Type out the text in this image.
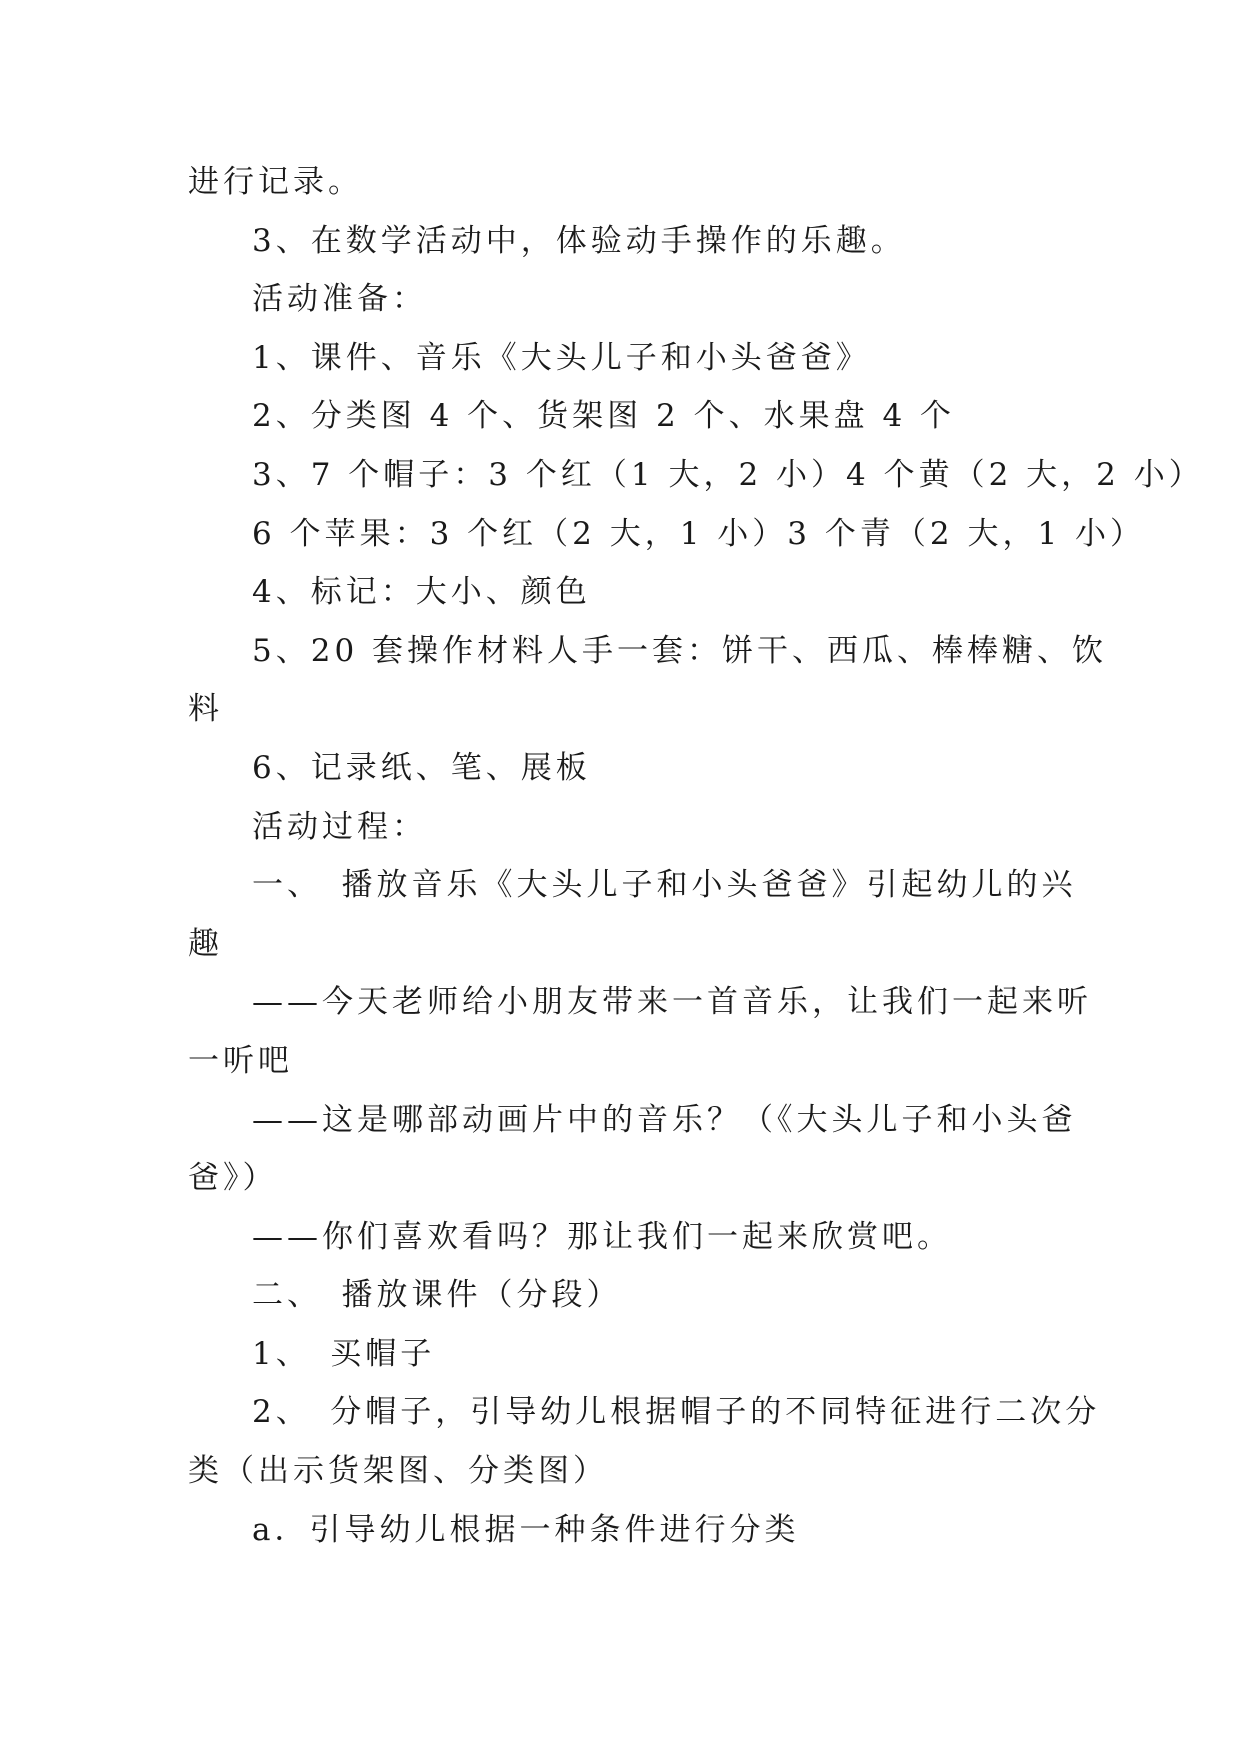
进行记录。
3、在数学活动中，体验动手操作的乐趣。
活动准备：
1、课件、音乐《大头儿子和小头爸爸》
2、分类图 4 个、货架图 2 个、水果盘 4 个
3、7 个帽子：3 个红（1 大，2 小）4 个黄（2 大，2 小）
6 个苹果：3 个红（2 大，1 小）3 个青（2 大，1 小）
4、标记：大小、颜色
5、20 套操作材料人手一套：饼干、西瓜、棒棒糖、饮
料
6、记录纸、笔、展板
活动过程：
一、　播放音乐《大头儿子和小头爸爸》引起幼儿的兴
趣
——今天老师给小朋友带来一首音乐，让我们一起来听
一听吧
——这是哪部动画片中的音乐？（《大头儿子和小头爸
爸》）
——你们喜欢看吗？那让我们一起来欣赏吧。
二、　播放课件（分段）
1、　买帽子
2、　分帽子，引导幼儿根据帽子的不同特征进行二次分
类（出示货架图、分类图）
a．引导幼儿根据一种条件进行分类
